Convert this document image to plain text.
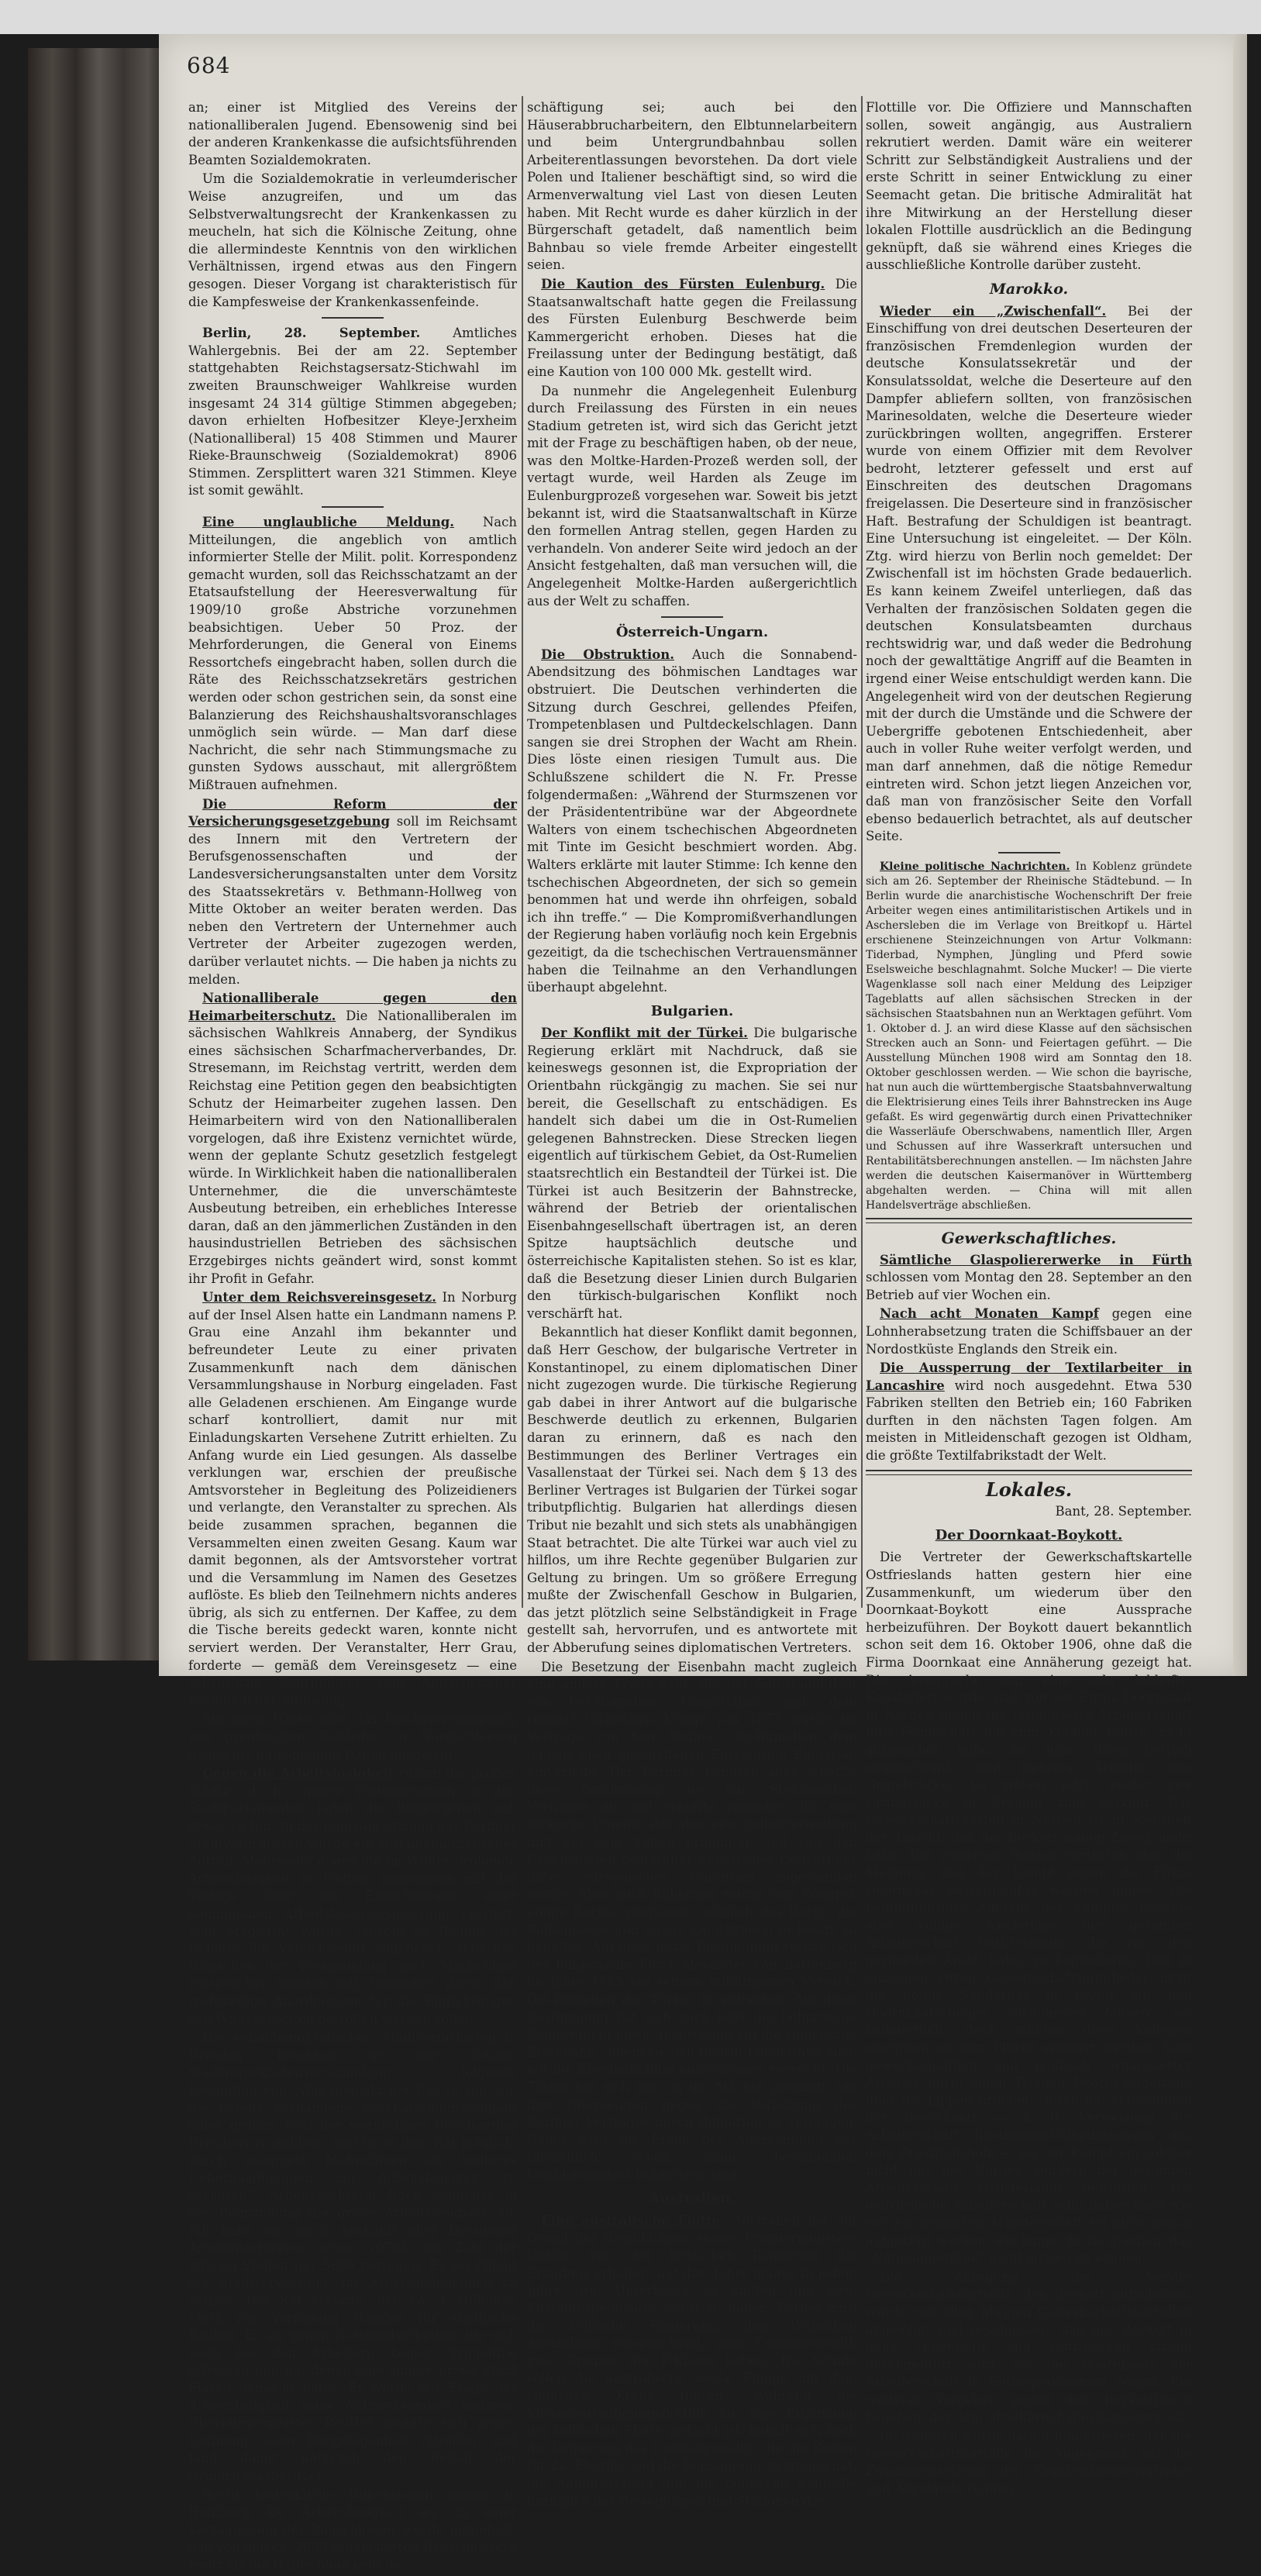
684

an; einer ist Mitglied des Vereins der nationalliberalen Jugend. Ebensowenig sind bei der anderen Krankenkasse die aufsichtsführenden Beamten Sozialdemokraten.

Um die Sozialdemokratie in verleumderischer Weise anzugreifen, und um das Selbstverwaltungsrecht der Krankenkassen zu meucheln, hat sich die Kölnische Zeitung, ohne die allermindeste Kenntnis von den wirklichen Verhältnissen, irgend etwas aus den Fingern gesogen. Dieser Vorgang ist charakteristisch für die Kampfesweise der Krankenkassenfeinde.

Berlin, 28. September.	Amtliches Wahlergebnis. Bei der am 22. September stattgehabten Reichstagsersatz-Stichwahl im zweiten Braunschweiger Wahlkreise wurden insgesamt 24 314 gültige Stimmen abgegeben; davon erhielten Hofbesitzer Kleye-Jerxheim (Nationalliberal) 15 408 Stimmen und Maurer Rieke-Braunschweig (Sozialdemokrat) 8906 Stimmen. Zersplittert waren 321 Stimmen. Kleye ist somit gewählt.

Eine unglaubliche Meldung. Nach Mitteilungen, die angeblich von amtlich informierter Stelle der Milit. polit. Korrespondenz gemacht wurden, soll das Reichsschatzamt an der Etatsaufstellung der Heeresverwaltung für 1909/10 große Abstriche vorzunehmen beabsichtigen. Ueber 50 Proz. der Mehrforderungen, die General von Einems Ressortchefs eingebracht haben, sollen durch die Räte des Reichsschatzsekretärs gestrichen werden oder schon gestrichen sein, da sonst eine Balanzierung des Reichshaushaltsvoranschlages unmöglich sein würde. — Man darf diese Nachricht, die sehr nach Stimmungsmache zu gunsten Sydows ausschaut, mit allergrößtem Mißtrauen aufnehmen.

Die Reform der Versicherungsgesetzgebung soll im Reichsamt des Innern mit den Vertretern der Berufsgenossenschaften und der Landesversicherungsanstalten unter dem Vorsitz des Staatssekretärs v. Bethmann-Hollweg von Mitte Oktober an weiter beraten werden. Das neben den Vertretern der Unternehmer auch Vertreter der Arbeiter zugezogen werden, darüber verlautet nichts. — Die haben ja nichts zu melden.

Nationalliberale gegen den Heimarbeiterschutz. Die Nationalliberalen im sächsischen Wahlkreis Annaberg, der Syndikus eines sächsischen Scharfmacherverbandes, Dr. Stresemann, im Reichstag vertritt, werden dem Reichstag eine Petition gegen den beabsichtigten Schutz der Heimarbeiter zugehen lassen. Den Heimarbeitern wird von den Nationalliberalen vorgelogen, daß ihre Existenz vernichtet würde, wenn der geplante Schutz gesetzlich festgelegt würde. In Wirklichkeit haben die nationalliberalen Unternehmer, die die unverschämteste Ausbeutung betreiben, ein erhebliches Interesse daran, daß an den jämmerlichen Zuständen in den hausindustriellen Betrieben des sächsischen Erzgebirges nichts geändert wird, sonst kommt ihr Profit in Gefahr.

Unter dem Reichsvereinsgesetz. In Norburg auf der Insel Alsen hatte ein Landmann namens P. Grau eine Anzahl ihm bekannter und befreundeter Leute zu einer privaten Zusammenkunft nach dem dänischen Versammlungshause in Norburg eingeladen. Fast alle Geladenen erschienen. Am Eingange wurde scharf kontrolliert, damit nur mit Einladungskarten Versehene Zutritt erhielten. Zu Anfang wurde ein Lied gesungen. Als dasselbe verklungen war, erschien der preußische Amtsvorsteher in Begleitung des Polizeidieners und verlangte, den Veranstalter zu sprechen. Als beide zusammen sprachen, begannen die Versammelten einen zweiten Gesang. Kaum war damit begonnen, als der Amtsvorsteher vortrat und die Versammlung im Namen des Gesetzes auflöste. Es blieb den Teilnehmern nichts anderes übrig, als sich zu entfernen. Der Kaffee, zu dem die Tische bereits gedeckt waren, konnte nicht serviert werden. Der Veranstalter, Herr Grau, forderte — gemäß dem Vereinsgesetz — eine schriftliche Begründung vom Amtsvorsteher bezüglich der Auflösung.

Auf diese Weise wird das Reichsvereinsgesetz von preußischen Behörden in Nordschleswig gegen die unbequemen Dänen ausgelegt.

Gegen die Arbeitslosigkeit rüsten die großen Städte, d. h. unsere Parteigenossen in den Stadtparlamenten jagen die Bürgerlichen auf, etwas zu tun. In der jüngsten Sitzung der Berliner Stadtverordneten wurde ein sozialdemokratischer Antrag, Maßregeln gegen die im Winter drohende Arbeitslosigkeit zu treffen, gemeinsam mit der Vorlage über die Einrichtungen einer kommunalen Arbeitslosenversicherung erörtert. Vom Magistrat wurde, obwohl er Beginn der Debatte die Versicherung abgegeben, daß den Wünschen der Versammlung nach Möglichkeit entsprochen werden soll, besonders darin, daß rechtzeitige Anordnungen für die Einrichtungen von Winterarbeiten getroffen werden sollen.

Die sozialdemokratischen Stadtverordneten in Dresden brachten in der letzten Stadtverordnetenversammlung folgende Resolution ein: „Was gedenkt der Rat zu tun, um die bereits vorhandene Beschäftigungslosigkeit eines großen Teils der werktätigen Bevölkerung Dresdens zu mildern, und ist es dem Rat möglich, durch geeignete Maßnahmen ein weiteres Ueberhandnehmen der Arbeitslosigkeit zu verhüten?“ Arbeitersekretär Buck schilderte in der Begründung die große Arbeitslosigkeit. Im Juli habe sie, nach Auskunft aller Dresdener Arbeitsnachweise, schon 10764, die Zahl der offenen Stellen nur 5899 betragen. Es sei Pflicht der Stadtverwaltung, für Arbeitsgelegenheit zu sorgen. Der Rat erklärte, daß ca. 4 Millionen Mark zur Verfügung ständen für städtische Bauten. Er sei gegen Notstandsarbeiten, die sich auch bei den Arbeitern keiner Sympathie erfreuten und mit denen eine andere große Stadt Fiasko gemacht hätte. Er werde der Frage der Arbeitslosigkeit seine Aufmerksamkeit widmen. Oberbürgermeister Beutler wandte sich gegen Oeffnung neuer Baugelegenheit (Straßen) und fand damit natürlich den Beifall der Grundstücksbesitzer.

Recht bedenkliche Dimensionen nimmt in Hamburg die Arbeitslosigkeit an; in einer Versammlung der Bauschlosser wurde mitgeteilt, daß von den ca. 2000 organisierten Bauschlossern mehr als die Hälfte ohne jede Be-

schäftigung sei; auch bei den Häuserabbrucharbeitern, den Elbtunnelarbeitern und beim Untergrundbahnbau sollen Arbeiterentlassungen bevorstehen. Da dort viele Polen und Italiener beschäftigt sind, so wird die Armenverwaltung viel Last von diesen Leuten haben. Mit Recht wurde es daher kürzlich in der Bürgerschaft getadelt, daß namentlich beim Bahnbau so viele fremde Arbeiter eingestellt seien.

Die Kaution des Fürsten Eulenburg. Die Staatsanwaltschaft hatte gegen die Freilassung des Fürsten Eulenburg Beschwerde beim Kammergericht erhoben. Dieses hat die Freilassung unter der Bedingung bestätigt, daß eine Kaution von 100 000 Mk. gestellt wird.

Da nunmehr die Angelegenheit Eulenburg durch Freilassung des Fürsten in ein neues Stadium getreten ist, wird sich das Gericht jetzt mit der Frage zu beschäftigen haben, ob der neue, was den Moltke-Harden-Prozeß werden soll, der vertagt wurde, weil Harden als Zeuge im Eulenburgprozeß vorgesehen war. Soweit bis jetzt bekannt ist, wird die Staatsanwaltschaft in Kürze den formellen Antrag stellen, gegen Harden zu verhandeln. Von anderer Seite wird jedoch an der Ansicht festgehalten, daß man versuchen will, die Angelegenheit Moltke-Harden außergerichtlich aus der Welt zu schaffen.

Österreich-Ungarn.

Die Obstruktion. Auch die Sonnabend-Abendsitzung des böhmischen Landtages war obstruiert. Die Deutschen verhinderten die Sitzung durch Geschrei, gellendes Pfeifen, Trompetenblasen und Pultdeckelschlagen. Dann sangen sie drei Strophen der Wacht am Rhein. Dies löste einen riesigen Tumult aus. Die Schlußszene schildert die N. Fr. Presse folgendermaßen: „Während der Sturmszenen vor der Präsidententribüne war der Abgeordnete Walters von einem tschechischen Abgeordneten mit Tinte im Gesicht beschmiert worden. Abg. Walters erklärte mit lauter Stimme: Ich kenne den tschechischen Abgeordneten, der sich so gemein benommen hat und werde ihn ohrfeigen, sobald ich ihn treffe.“ — Die Kompromißverhandlungen der Regierung haben vorläufig noch kein Ergebnis gezeitigt, da die tschechischen Vertrauensmänner haben die Teilnahme an den Verhandlungen überhaupt abgelehnt.

Bulgarien.

Der Konflikt mit der Türkei. Die bulgarische Regierung erklärt mit Nachdruck, daß sie keineswegs gesonnen ist, die Expropriation der Orientbahn rückgängig zu machen. Sie sei nur bereit, die Gesellschaft zu entschädigen. Es handelt sich dabei um die in Ost-Rumelien gelegenen Bahnstrecken. Diese Strecken liegen eigentlich auf türkischem Gebiet, da Ost-Rumelien staatsrechtlich ein Bestandteil der Türkei ist. Die Türkei ist auch Besitzerin der Bahnstrecke, während der Betrieb der orientalischen Eisenbahngesellschaft übertragen ist, an deren Spitze hauptsächlich deutsche und österreichische Kapitalisten stehen. So ist es klar, daß die Besetzung dieser Linien durch Bulgarien den türkisch-bulgarischen Konflikt noch verschärft hat.

Bekanntlich hat dieser Konflikt damit begonnen, daß Herr Geschow, der bulgarische Vertreter in Konstantinopel, zu einem diplomatischen Diner nicht zugezogen wurde. Die türkische Regierung gab dabei in ihrer Antwort auf die bulgarische Beschwerde deutlich zu erkennen, Bulgarien daran zu erinnern, daß es nach den Bestimmungen des Berliner Vertrages ein Vasallenstaat der Türkei sei. Nach dem § 13 des Berliner Vertrages ist Bulgarien der Türkei sogar tributpflichtig. Bulgarien hat allerdings diesen Tribut nie bezahlt und sich stets als unabhängigen Staat betrachtet. Die alte Türkei war auch viel zu hilflos, um ihre Rechte gegenüber Bulgarien zur Geltung zu bringen. Um so größere Erregung mußte der Zwischenfall Geschow in Bulgarien, das jetzt plötzlich seine Selbständigkeit in Frage gestellt sah, hervorrufen, und es antwortete mit der Abberufung seines diplomatischen Vertreters.

Die Besetzung der Eisenbahn macht zugleich eine andere Frage akut, die der Selbständigkeit von Ost-Rumelien. Unmittelbar nach dem russisch-türkischen Kriege von 1877 wurde im Vertrage von San Stefano Ost-Rumelien dem damals eben geschaffenen Fürstentum Bulgarien einverleibt. Der Berliner Kongreß aber schaffte diese Bestimmung des San Stefanoschen Vertrages ab und erklärte Rumelien für eine türkische Provinz, der aber eine Selbstverwaltung und ein vom Sultan ernannter und von den Großmächten bestätigter christlicher Gouverneur unter europäischen Garantien zugestanden wurde. Aber auch Bulgarien wurde vom Kongreß einige Rechte zuerkannt, nämlich das Recht, die Balkanpässe und einige Landstraßen in Besitz zu behalten. Auf diese letzte Bestimmung stützte sich der bulgarische Fürst Alexander von Battenberg im Jahre 1885 bei seinem mißlungenen Versuch, Ost-Rumelien der Türkei zu entreißen. Auf diese Bestimmung hat sich auch jetzt die bulgarische Regierung in ihren Ansprüchen auf die rumelische Eisenbahn, indem sie den Begriff Landstraße auch auf die Eisenbahnlinie auszudehnen versucht. Die Türkei hat sich nun an die Mächte gewandt, um ihre Intervention gegen die Verletzung des Berliner Vertrages durch Bulgarien zu verlangen. Damit wird die Frage der Anerkennung der tatsächlich schon lange bestehenden Unabhängigkeit Bulgariens akut.

Australien.

Eine australische Flotte. Australien hat auf Grund der Bemühungen seines Premierministers Deakin von der britischen Regierung die Erlaubnis erhalten, auf drei Jahre hinaus in jedem Jahre drei Unterboote zu kaufen und zwei Küstentorpedojäger selbst zu bauen. Ferner wird die britische Regierung, den Wünschen Australiens entsprechend, dem Commonwealth zwei Kreuzer der P-Klasse leihen. Die Schiffe sollen die australische weiße Flagge mit dem südlichen Kreuz führen. Während die Küstenverteidigungsflottille als eine Ergänzung der britischen Flotte gedacht ist, behält sich doch die Regierung des Commonwealth, die die Kosten für die Flottille und die Bemannung zu tragen hat, die Administration und die politische Kontrolle bezüglich der Bewegungen und Stationen der

Flottille vor. Die Offiziere und Mannschaften sollen, soweit angängig, aus Australiern rekrutiert werden. Damit wäre ein weiterer Schritt zur Selbständigkeit Australiens und der erste Schritt in seiner Entwicklung zu einer Seemacht getan. Die britische Admiralität hat ihre Mitwirkung an der Herstellung dieser lokalen Flottille ausdrücklich an die Bedingung geknüpft, daß sie während eines Krieges die ausschließliche Kontrolle darüber zusteht.

Marokko.

Wieder ein „Zwischenfall“. Bei der Einschiffung von drei deutschen Deserteuren der französischen Fremdenlegion wurden der deutsche Konsulatssekretär und der Konsulatssoldat, welche die Deserteure auf den Dampfer abliefern sollten, von französischen Marinesoldaten, welche die Deserteure wieder zurückbringen wollten, angegriffen. Ersterer wurde von einem Offizier mit dem Revolver bedroht, letzterer gefesselt und erst auf Einschreiten des deutschen Dragomans freigelassen. Die Deserteure sind in französischer Haft. Bestrafung der Schuldigen ist beantragt. Eine Untersuchung ist eingeleitet. — Der Köln. Ztg. wird hierzu von Berlin noch gemeldet: Der Zwischenfall ist im höchsten Grade bedauerlich. Es kann keinem Zweifel unterliegen, daß das Verhalten der französischen Soldaten gegen die deutschen Konsulatsbeamten durchaus rechtswidrig war, und daß weder die Bedrohung noch der gewalttätige Angriff auf die Beamten in irgend einer Weise entschuldigt werden kann. Die Angelegenheit wird von der deutschen Regierung mit der durch die Umstände und die Schwere der Uebergriffe gebotenen Entschiedenheit, aber auch in voller Ruhe weiter verfolgt werden, und man darf annehmen, daß die nötige Remedur eintreten wird. Schon jetzt liegen Anzeichen vor, daß man von französischer Seite den Vorfall ebenso bedauerlich betrachtet, als auf deutscher Seite.

Kleine politische Nachrichten. In Koblenz gründete sich am 26. September der Rheinische Städtebund. — In Berlin wurde die anarchistische Wochenschrift Der freie Arbeiter wegen eines antimilitaristischen Artikels und in Aschersleben die im Verlage von Breitkopf u. Härtel erschienene Steinzeichnungen von Artur Volkmann: Tiderbad, Nymphen, Jüngling und Pferd sowie Eselsweiche beschlagnahmt. Solche Mucker! — Die vierte Wagenklasse soll nach einer Meldung des Leipziger Tageblatts auf allen sächsischen Strecken in der sächsischen Staatsbahnen nun an Werktagen geführt. Vom 1. Oktober d. J. an wird diese Klasse auf den sächsischen Strecken auch an Sonn- und Feiertagen geführt. — Die Ausstellung München 1908 wird am Sonntag den 18. Oktober geschlossen werden. — Wie schon die bayrische, hat nun auch die württembergische Staatsbahnverwaltung die Elektrisierung eines Teils ihrer Bahnstrecken ins Auge gefaßt. Es wird gegenwärtig durch einen Privattechniker die Wasserläufe Oberschwabens, namentlich Iller, Argen und Schussen auf ihre Wasserkraft untersuchen und Rentabilitätsberechnungen anstellen. — Im nächsten Jahre werden die deutschen Kaisermanöver in Württemberg abgehalten werden. — China will mit allen Handelsverträge abschließen.

Gewerkschaftliches.

Sämtliche Glaspoliererwerke in Fürth schlossen vom Montag den 28. September an den Betrieb auf vier Wochen ein.

Nach acht Monaten Kampf gegen eine Lohnherabsetzung traten die Schiffsbauer an der Nordostküste Englands den Streik ein.

Die Aussperrung der Textilarbeiter in Lancashire wird noch ausgedehnt. Etwa 530 Fabriken stellten den Betrieb ein; 160 Fabriken durften in den nächsten Tagen folgen. Am meisten in Mitleidenschaft gezogen ist Oldham, die größte Textilfabrikstadt der Welt.

Lokales.
Bant, 28. September.
Der Doornkaat-Boykott.

Die Vertreter der Gewerkschaftskartelle Ostfrieslands hatten gestern hier eine Zusammenkunft, um wiederum über den Doornkaat-Boykott eine Aussprache herbeizuführen. Der Boykott dauert bekanntlich schon seit dem 16. Oktober 1906, ohne daß die Firma Doornkaat eine Annäherung gezeigt hat. Die Aussprache war eine sehr lebhafte. Konstatiert wurde, daß von der Firma Doornkaat in Norden gegen die organisierte Arbeiterschaft ihre Feindschaft die zum Konflikt führte, nicht aufgegeben habe. Sie habe ihren Betrieb eingeschränkt und mehrere Arbeiter ihre Grundstücke. So stehen jetzt wieder vier Grundstücke in Bremen zum Verkauf. Das Gewerkschaftskartell in Norden ist in Mehrheit der Ansicht, daß der Boykott seinen Zweck mehr habe. Die einzelnen Redner vertraten aber die Meinung, daß der Kampf gegen die Firma Doornkaat weitergeführt werden müsse. Die bedingungslose Aufgabe des Kampfes bedeute eine völlige Niederlage der gesamten Arbeiterschaft Ostfrieslands, die von den geringsten Anlaß habe, zu kapitulieren. Daß in einzelnen Orten Gewerkschaftsmitglieder nicht die nötige Solidarität in bezug auf den Doornkaatschnaps ausnommen fehnen, sei bedauerlich, doch müßten diese Kollegen energisch an ihre Pflicht erinnert werden. Kein gewerkschaftlich und politisch organisierter Arbeiter dürfe einen Tropfen Doornkaatgetränk über die Lippen bringen. Durch die Maßnahmen der Doornkaats — z. B. Verweisung der Arbeiterschaft Rüstringen-Wilhelmshavens aus dem Friedrichshofe — sei der Kampf ein solcher nicht nur der Norder, sondern der gesamten Arbeiterschaft Ostfrieslands geworden. Die ostfriesische Arbeiterschaft solle daher nach wie vor zur gesamten Arbeiterschaft sei nicht genug aufgeklärt werden, wie lange, da sie glauben, das „Nationalgetränk“ nicht missen zu können.

Die Anregung des Norder Gewerkschaftskartells, den Boykott aufzuheben, wurde von allen übrigen Gewerkschaftskartellen abgelehnt und beschlossen, daß der Boykott in ganz Oldenburg und Ostfriesland streng durchgeführt wird, bis die Doornkaats der Arbeiterschaft in Entgegenkommen zeigen. Ein weiteres Vorgehen gegen den Boykottbruch begehen, der dem Streikbruch gleichzusetzen ist.

Im weiteren wurde darauf hingewiesen, daß die Gewerkschaftskartelle ihr Augenmerk auf die Zusammensetzung der Krankenkassenvertreter und -Vorstände richten
